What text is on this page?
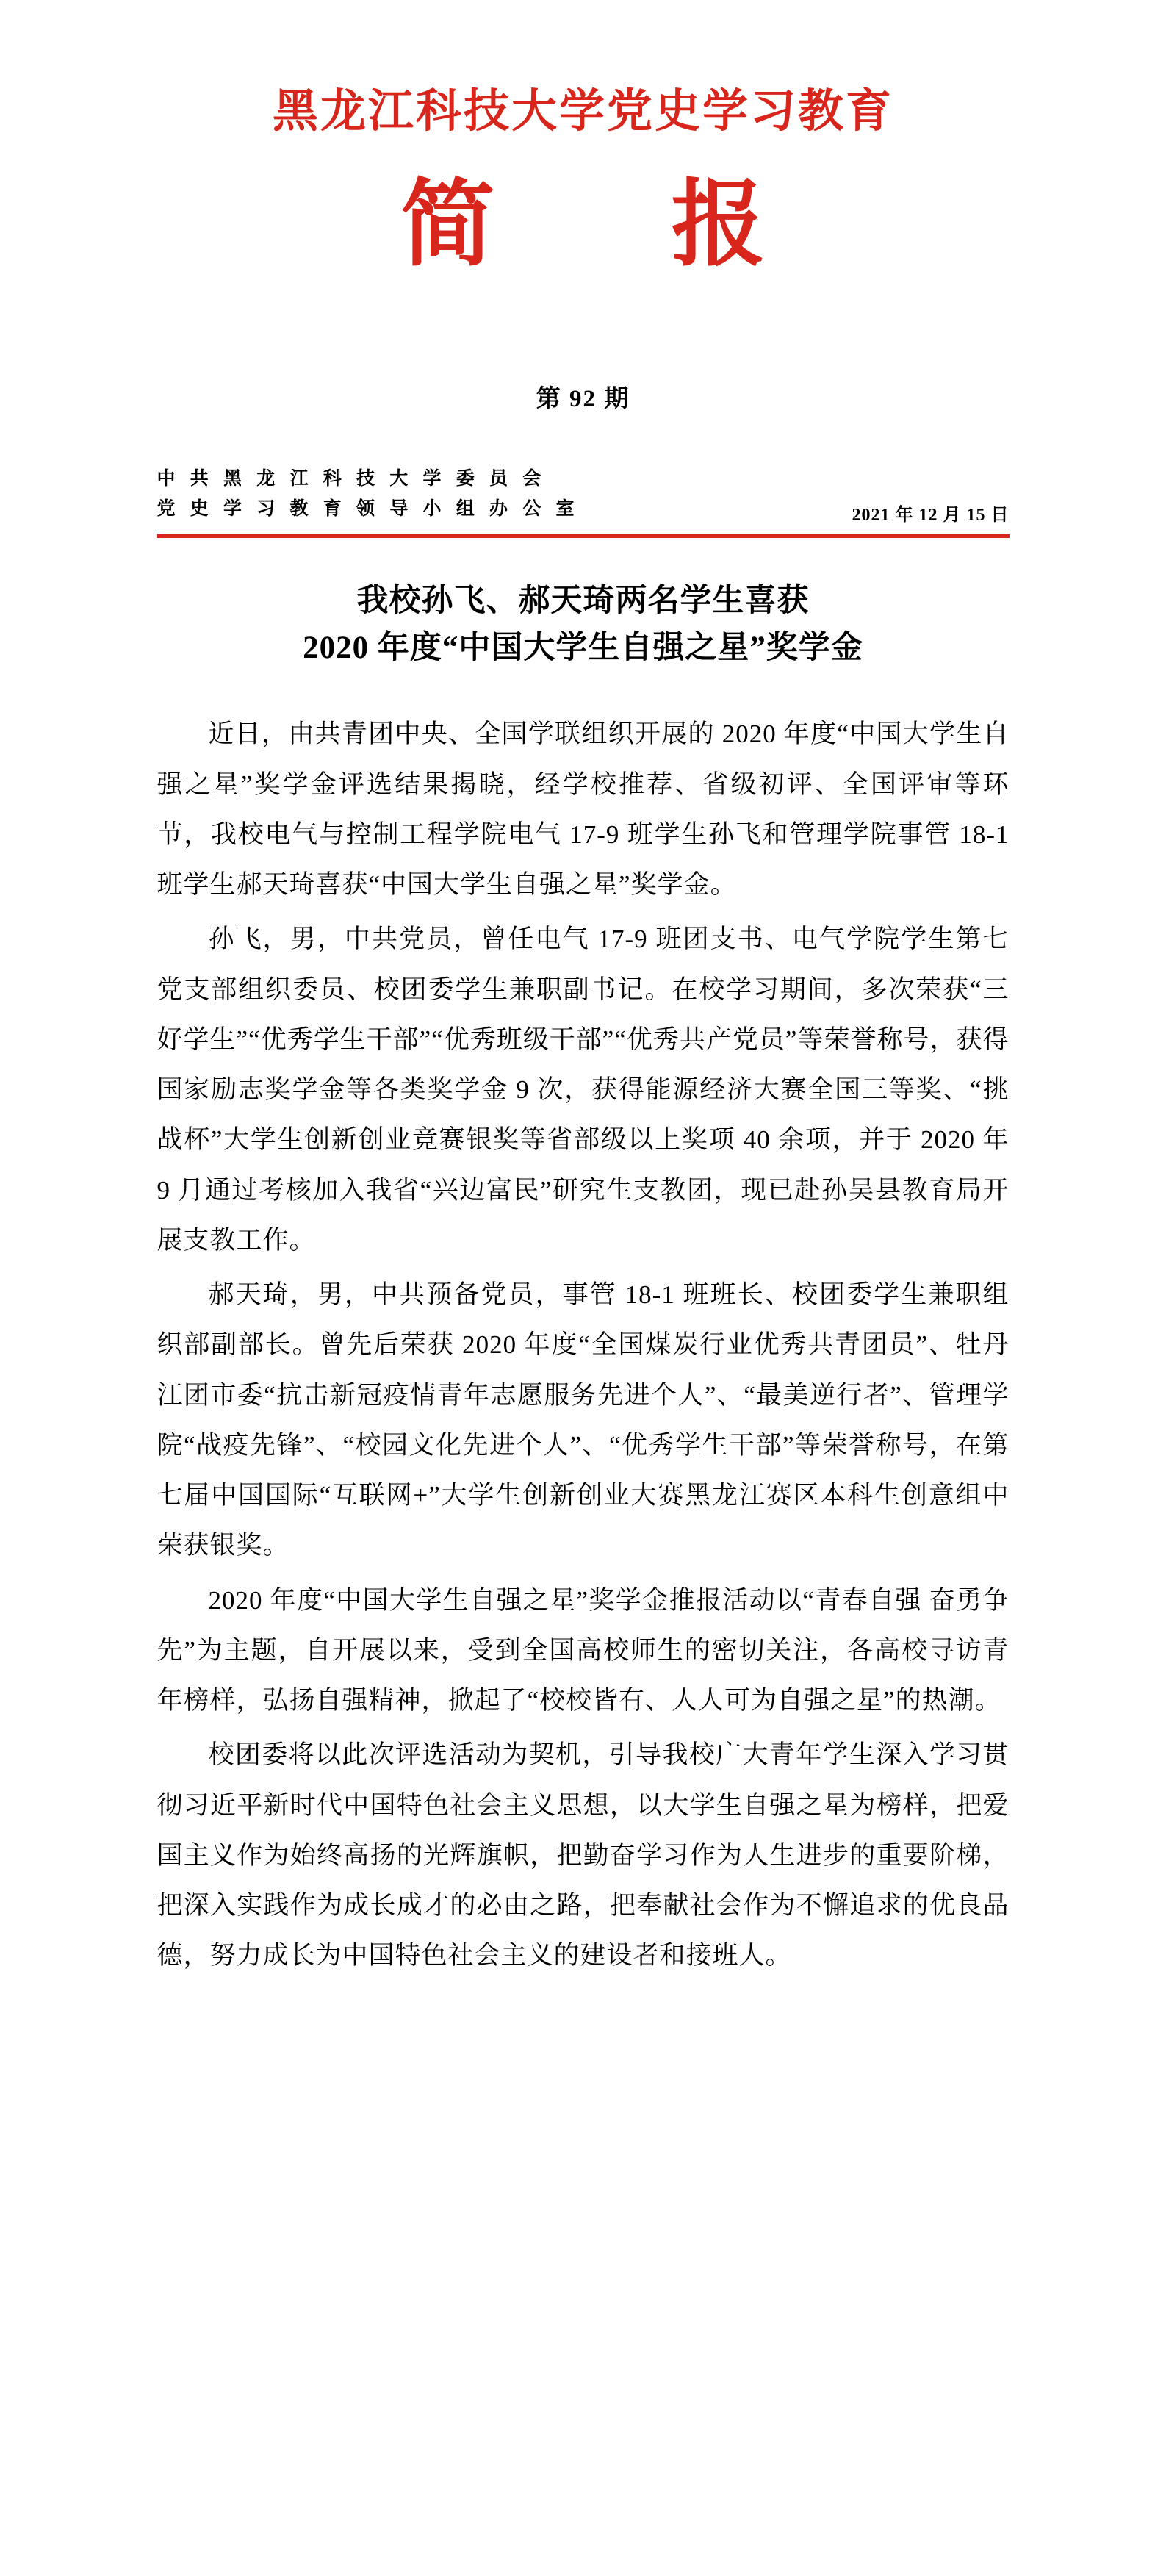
黑龙江科技大学党史学习教育
简　报
第 92 期
中 共 黑 龙 江 科 技 大 学 委 员 会
党 史 学 习 教 育 领 导 小 组 办 公 室	2021 年 12 月 15 日
我校孙飞、郝天琦两名学生喜获
2020 年度“中国大学生自强之星”奖学金

近日，由共青团中央、全国学联组织开展的 2020 年度“中国大学生自强之星”奖学金评选结果揭晓，经学校推荐、省级初评、全国评审等环节，我校电气与控制工程学院电气 17-9 班学生孙飞和管理学院事管 18-1 班学生郝天琦喜获“中国大学生自强之星”奖学金。

孙飞，男，中共党员，曾任电气 17-9 班团支书、电气学院学生第七党支部组织委员、校团委学生兼职副书记。在校学习期间，多次荣获“三好学生”“优秀学生干部”“优秀班级干部”“优秀共产党员”等荣誉称号，获得国家励志奖学金等各类奖学金 9 次，获得能源经济大赛全国三等奖、“挑战杯”大学生创新创业竞赛银奖等省部级以上奖项 40 余项，并于 2020 年 9 月通过考核加入我省“兴边富民”研究生支教团，现已赴孙吴县教育局开展支教工作。

郝天琦，男，中共预备党员，事管 18-1 班班长、校团委学生兼职组织部副部长。曾先后荣获 2020 年度“全国煤炭行业优秀共青团员”、牡丹江团市委“抗击新冠疫情青年志愿服务先进个人”、“最美逆行者”、管理学院“战疫先锋”、“校园文化先进个人”、“优秀学生干部”等荣誉称号，在第七届中国国际“互联网+”大学生创新创业大赛黑龙江赛区本科生创意组中荣获银奖。

2020 年度“中国大学生自强之星”奖学金推报活动以“青春自强 奋勇争先”为主题，自开展以来，受到全国高校师生的密切关注，各高校寻访青年榜样，弘扬自强精神，掀起了“校校皆有、人人可为自强之星”的热潮。

校团委将以此次评选活动为契机，引导我校广大青年学生深入学习贯彻习近平新时代中国特色社会主义思想，以大学生自强之星为榜样，把爱国主义作为始终高扬的光辉旗帜，把勤奋学习作为人生进步的重要阶梯，把深入实践作为成长成才的必由之路，把奉献社会作为不懈追求的优良品德，努力成长为中国特色社会主义的建设者和接班人。
